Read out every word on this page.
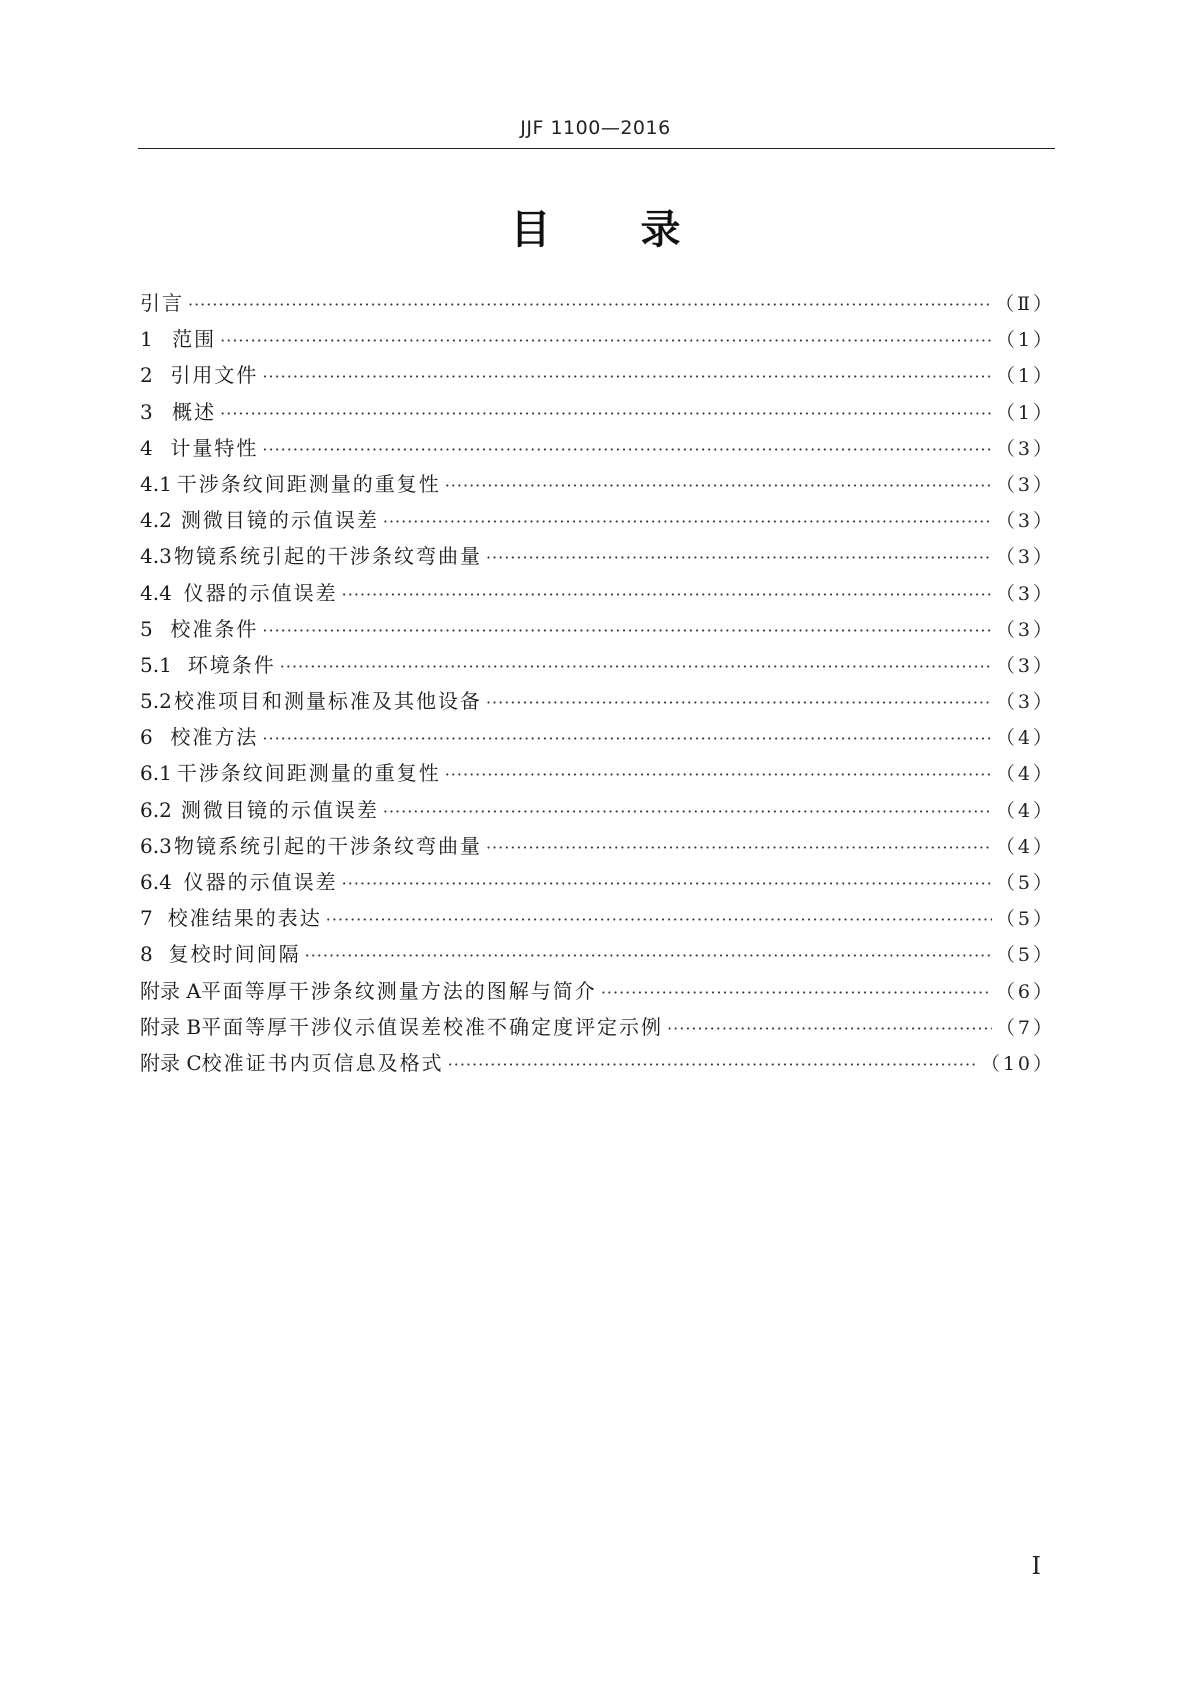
JJF 1100—2016
目 录
引言 ·····	（Ⅱ）
1 范围 ·····	（1）
2 引用文件 ·····	（1）
3 概述 ·····	（1）
4 计量特性 ·····	（3）
4.1 干涉条纹间距测量的重复性 ·····	（3）
4.2 测微目镜的示值误差 ·····	（3）
4.3 物镜系统引起的干涉条纹弯曲量 ·····	（3）
4.4 仪器的示值误差 ·····	（3）
5 校准条件 ·····	（3）
5.1 环境条件 ·····	（3）
5.2 校准项目和测量标准及其他设备 ·····	（3）
6 校准方法 ·····	（4）
6.1 干涉条纹间距测量的重复性 ·····	（4）
6.2 测微目镜的示值误差 ·····	（4）
6.3 物镜系统引起的干涉条纹弯曲量 ·····	（4）
6.4 仪器的示值误差 ·····	（5）
7 校准结果的表达 ·····	（5）
8 复校时间间隔 ·····	（5）
附录 A 平面等厚干涉条纹测量方法的图解与简介 ·····	（6）
附录 B 平面等厚干涉仪示值误差校准不确定度评定示例 ·····	（7）
附录 C 校准证书内页信息及格式 ·····	（10）
I
